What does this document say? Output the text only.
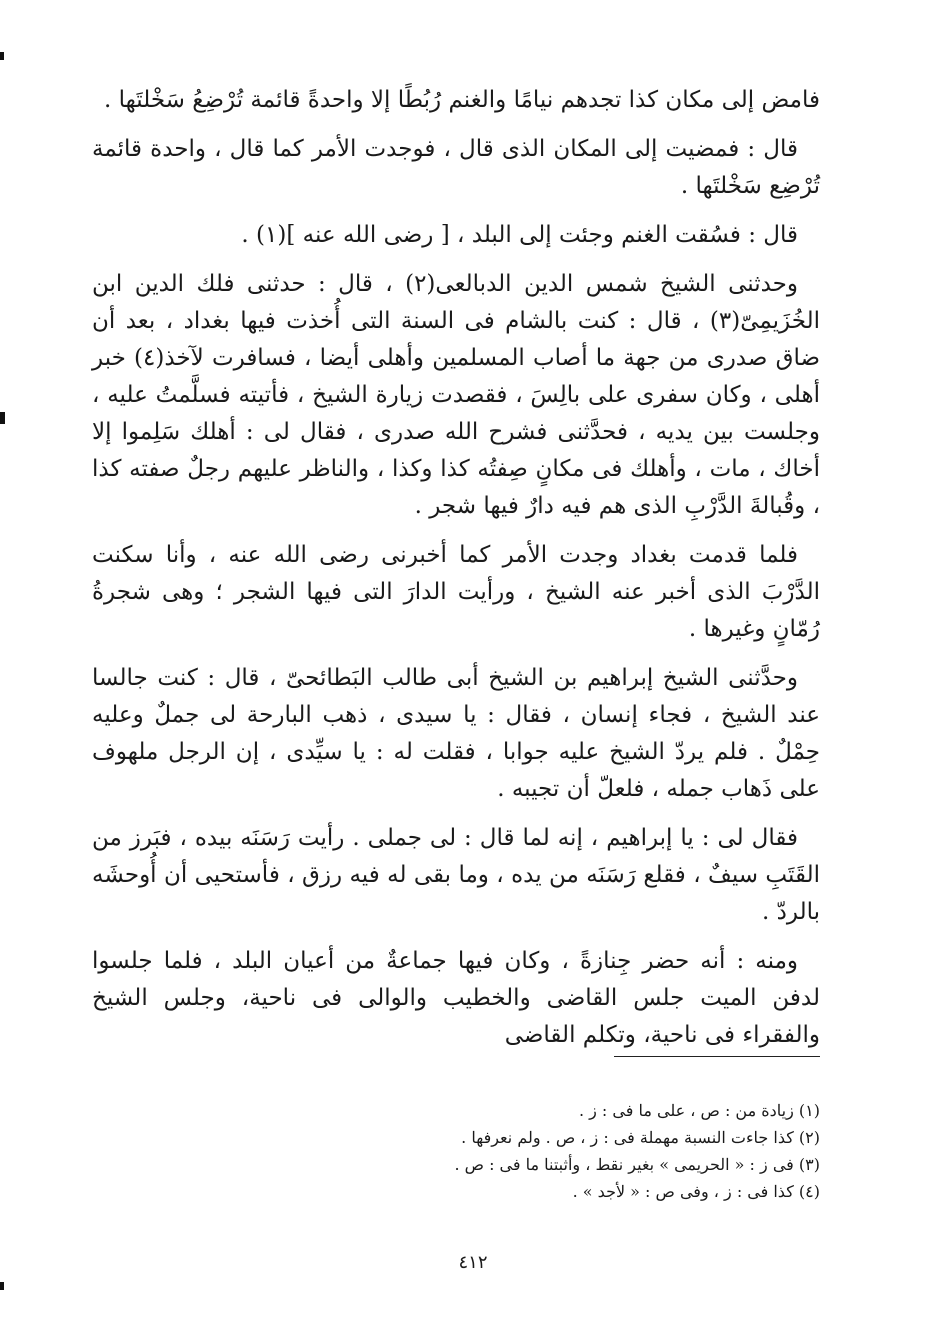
فامض إلى مكان كذا تجدهم نيامًا والغنم رُبُطًا إلا واحدةً قائمة تُرْضِعُ سَخْلتَها .

قال : فمضيت إلى المكان الذى قال ، فوجدت الأمر كما قال ، واحدة قائمة تُرْضِع سَخْلتَها .

قال : فسُقت الغنم وجئت إلى البلد ، [ رضى الله عنه ](١) .

وحدثنى الشيخ شمس الدين الدبالعى(٢) ، قال : حدثنى فلك الدين ابن الخُزَيمِىّ(٣) ، قال : كنت بالشام فى السنة التى أُخذت فيها بغداد ، بعد أن ضاق صدرى من جهة ما أصاب المسلمين وأهلى أيضا ، فسافرت لآخذ(٤) خبر أهلى ، وكان سفرى على بالِسَ ، فقصدت زيارة الشيخ ، فأتيته فسلَّمتُ عليه ، وجلست بين يديه ، فحدَّثنى فشرح الله صدرى ، فقال لى : أهلك سَلِموا إلا أخاك ، مات ، وأهلك فى مكانٍ صِفتُه كذا وكذا ، والناظر عليهم رجلٌ صفته كذا ، وقُبالةَ الدَّرْبِ الذى هم فيه دارٌ فيها شجر .

فلما قدمت بغداد وجدت الأمر كما أخبرنى رضى الله عنه ، وأنا سكنت الدَّرْبَ الذى أخبر عنه الشيخ ، ورأيت الدارَ التى فيها الشجر ؛ وهى شجرةُ رُمّانٍ وغيرها .

وحدَّثنى الشيخ إبراهيم بن الشيخ أبى طالب البَطائحىّ ، قال : كنت جالسا عند الشيخ ، فجاء إنسان ، فقال : يا سيدى ، ذهب البارحة لى جملٌ وعليه حِمْلٌ . فلم يردّ الشيخ عليه جوابا ، فقلت له : يا سيِّدى ، إن الرجل ملهوف على ذَهاب جمله ، فلعلّ أن تجيبه .

فقال لى : يا إبراهيم ، إنه لما قال : لى جملى . رأيت رَسَنَه بيده ، فبَرز من القَتَبِ سيفٌ ، فقلع رَسَنَه من يده ، وما بقى له فيه رزق ، فأستحيى أن أُوحشَه بالردّ .

ومنه : أنه حضر جِنازةً ، وكان فيها جماعةٌ من أعيان البلد ، فلما جلسوا لدفن الميت جلس القاضى والخطيب والوالى فى ناحية، وجلس الشيخ والفقراء فى ناحية، وتكلم القاضى

(١) زيادة من : ص ، على ما فى : ز .
(٢) كذا جاءت النسبة مهملة فى : ز ، ص . ولم نعرفها .
(٣) فى ز : « الحريمى » بغير نقط ، وأثبتنا ما فى : ص .
(٤) كذا فى : ز ، وفى ص : « لأجد » .
٤١٢
